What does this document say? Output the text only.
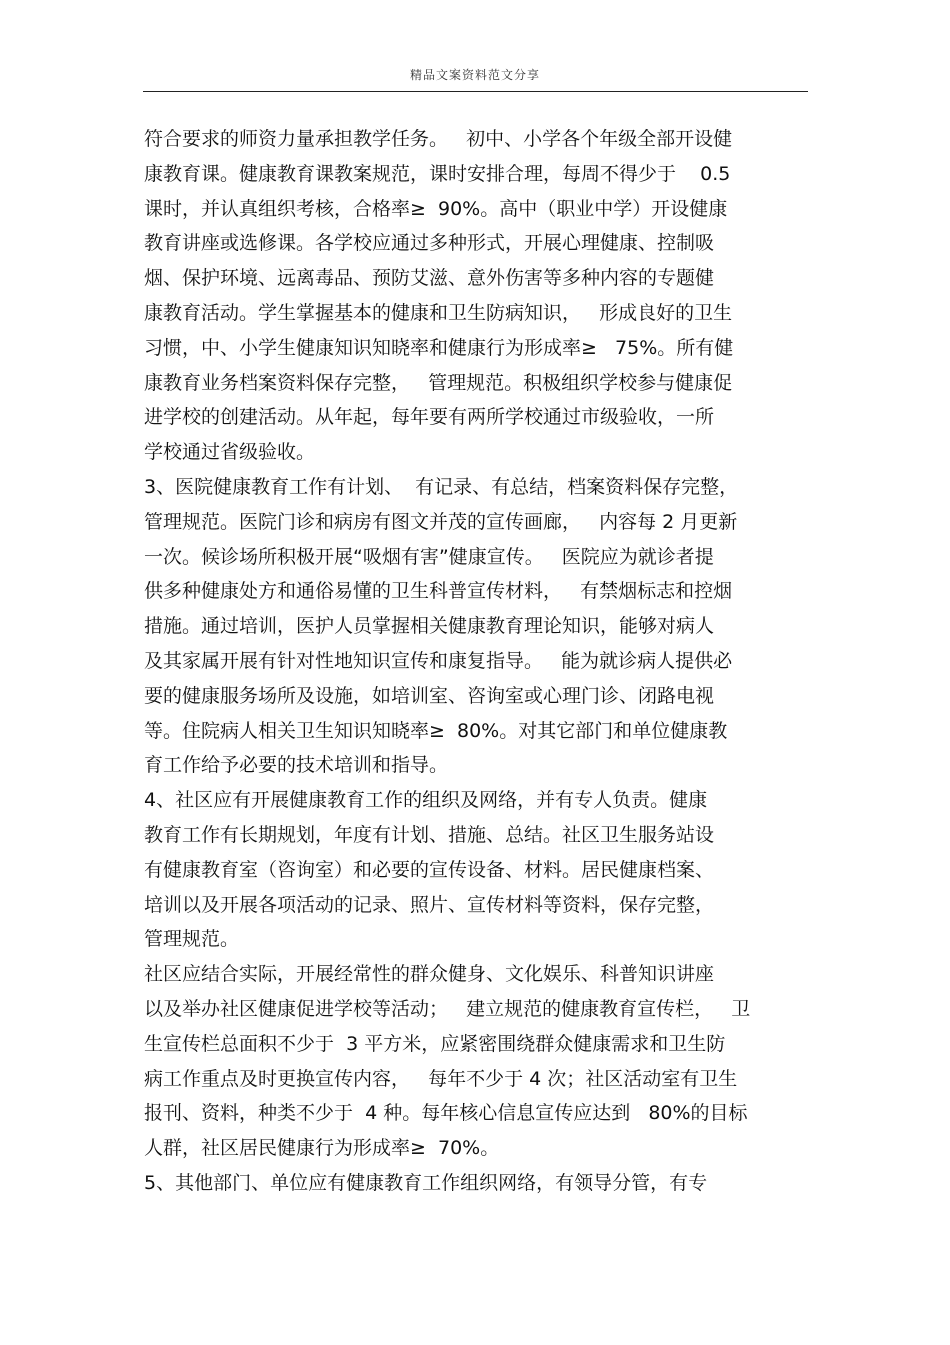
精品文案资料范文分享
符合要求的师资力量承担教学任务。   初中、小学各个年级全部开设健
康教育课。健康教育课教案规范，课时安排合理，每周不得少于    0.5
课时，并认真组织考核，合格率≥  90%。高中（职业中学）开设健康
教育讲座或选修课。各学校应通过多种形式，开展心理健康、控制吸
烟、保护环境、远离毒品、预防艾滋、意外伤害等多种内容的专题健
康教育活动。学生掌握基本的健康和卫生防病知识，   形成良好的卫生
习惯，中、小学生健康知识知晓率和健康行为形成率≥   75%。所有健
康教育业务档案资料保存完整，   管理规范。积极组织学校参与健康促
进学校的创建活动。从年起，每年要有两所学校通过市级验收，一所
学校通过省级验收。
3、医院健康教育工作有计划、  有记录、有总结，档案资料保存完整，
管理规范。医院门诊和病房有图文并茂的宣传画廊，   内容每 2 月更新
一次。候诊场所积极开展“吸烟有害”健康宣传。   医院应为就诊者提
供多种健康处方和通俗易懂的卫生科普宣传材料，   有禁烟标志和控烟
措施。通过培训，医护人员掌握相关健康教育理论知识，能够对病人
及其家属开展有针对性地知识宣传和康复指导。   能为就诊病人提供必
要的健康服务场所及设施，如培训室、咨询室或心理门诊、闭路电视
等。住院病人相关卫生知识知晓率≥  80%。对其它部门和单位健康教
育工作给予必要的技术培训和指导。
4、社区应有开展健康教育工作的组织及网络，并有专人负责。健康
教育工作有长期规划，年度有计划、措施、总结。社区卫生服务站设
有健康教育室（咨询室）和必要的宣传设备、材料。居民健康档案、
培训以及开展各项活动的记录、照片、宣传材料等资料，保存完整，
管理规范。
社区应结合实际，开展经常性的群众健身、文化娱乐、科普知识讲座
以及举办社区健康促进学校等活动；   建立规范的健康教育宣传栏，   卫
生宣传栏总面积不少于  3 平方米，应紧密围绕群众健康需求和卫生防
病工作重点及时更换宣传内容，   每年不少于 4 次；社区活动室有卫生
报刊、资料，种类不少于  4 种。每年核心信息宣传应达到   80%的目标
人群，社区居民健康行为形成率≥  70%。
5、其他部门、单位应有健康教育工作组织网络，有领导分管，有专
